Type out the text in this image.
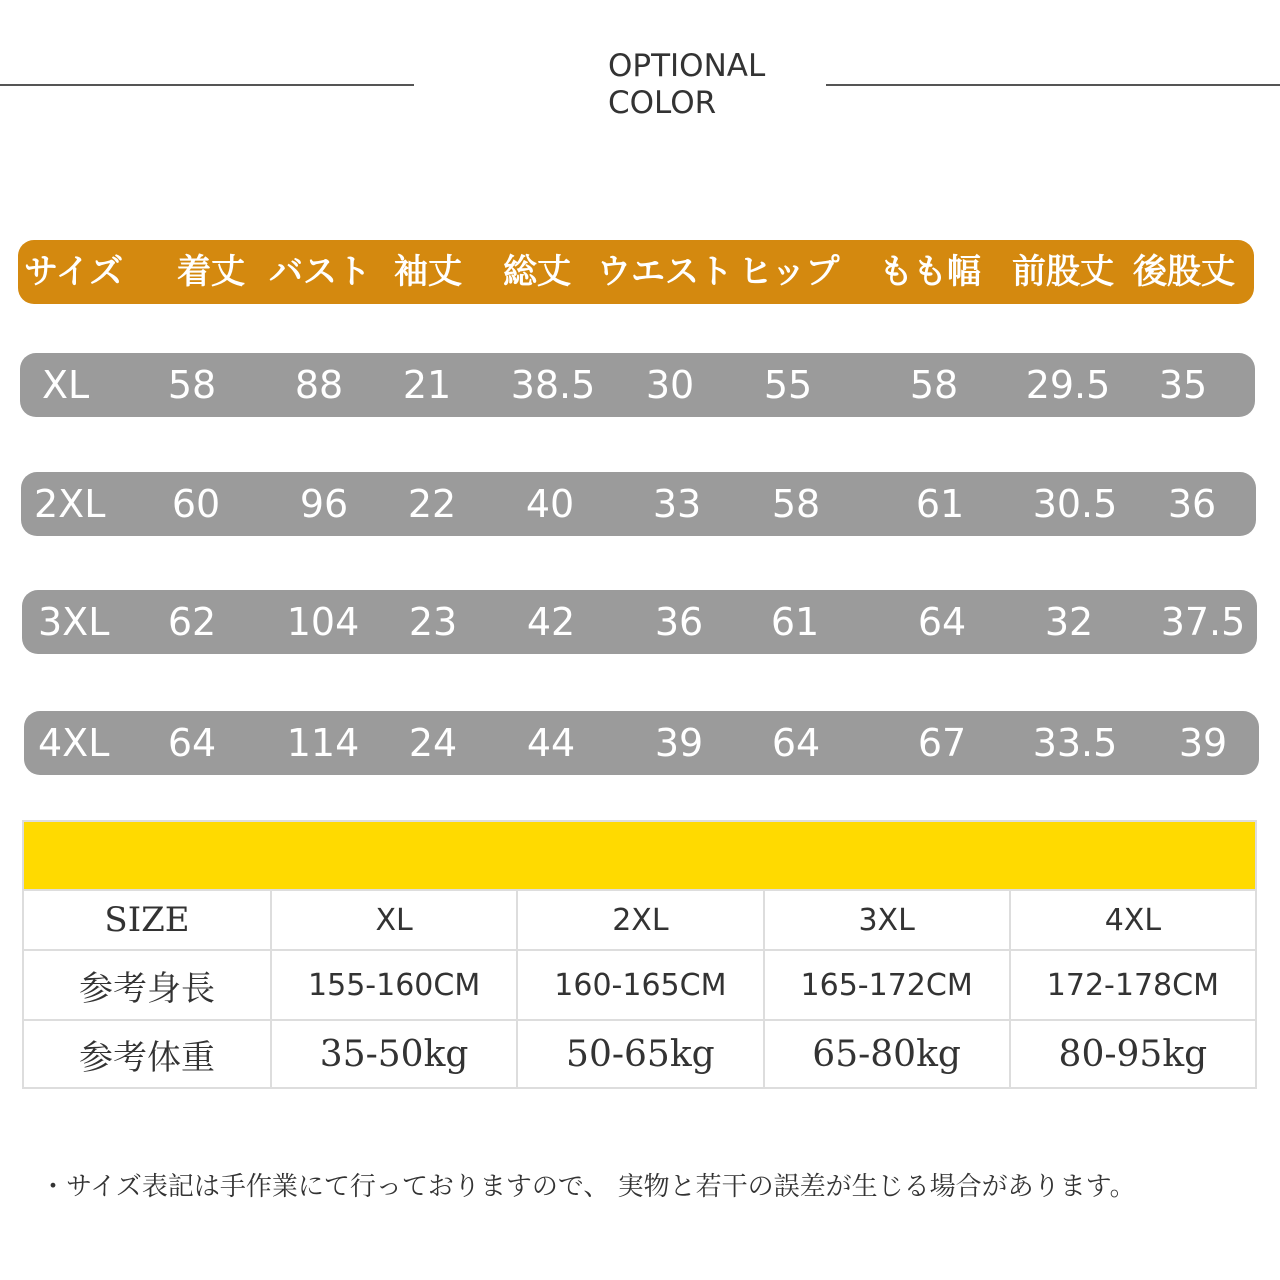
OPTIONAL
COLOR
サイズ 着丈 バスト 袖丈 総丈 ウエスト ヒップ もも幅 前股丈 後股丈
XL 58 88 21 38.5 30 55	58 29.5 35
2XL 60 96 22 40 33 58	61 30.5 36
3XL 62 104 23 42 36 61	64 32 37.5
4XL 64 114 24 44 39 64	67 33.5 39
SIZE	XL	2XL	3XL	4XL
参考身長	155-160CM	160-165CM	165-172CM	172-178CM
参考体重	35-50kg	50-65kg	65-80kg	80-95kg
・サイズ表記は手作業にて行っておりますので、 実物と若干の誤差が生じる場合があります。
